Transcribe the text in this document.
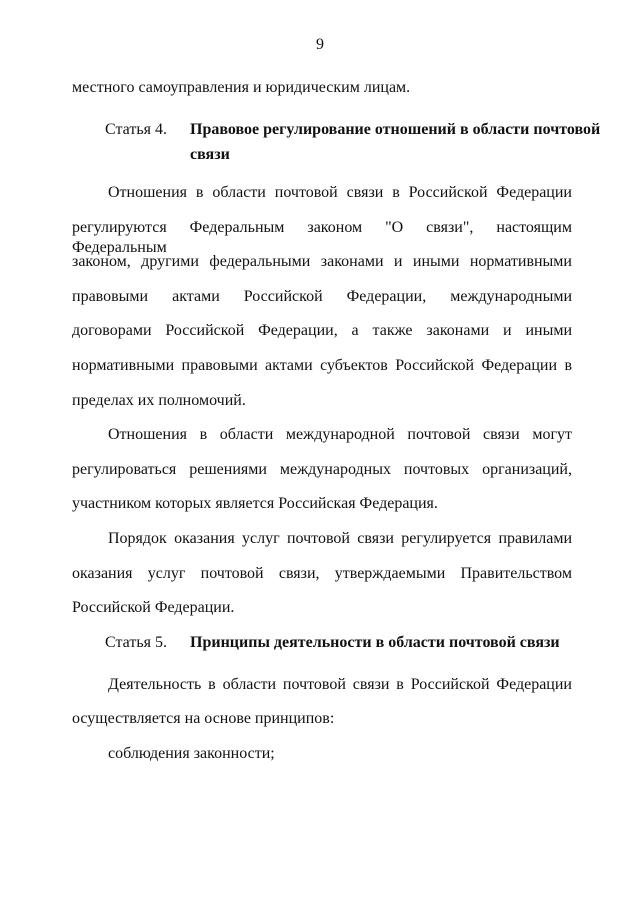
9
местного самоуправления и юридическим лицам.
Статья 4. Правовое регулирование отношений в области почтовой
связи
Отношения в области почтовой связи в Российской Федерации
регулируются Федеральным законом "О связи", настоящим Федеральным
законом, другими федеральными законами и иными нормативными
правовыми актами Российской Федерации, международными
договорами Российской Федерации, а также законами и иными
нормативными правовыми актами субъектов Российской Федерации в
пределах их полномочий.
Отношения в области международной почтовой связи могут
регулироваться решениями международных почтовых организаций,
участником которых является Российская Федерация.
Порядок оказания услуг почтовой связи регулируется правилами
оказания услуг почтовой связи, утверждаемыми Правительством
Российской Федерации.
Статья 5. Принципы деятельности в области почтовой связи
Деятельность в области почтовой связи в Российской Федерации
осуществляется на основе принципов:
соблюдения законности;
